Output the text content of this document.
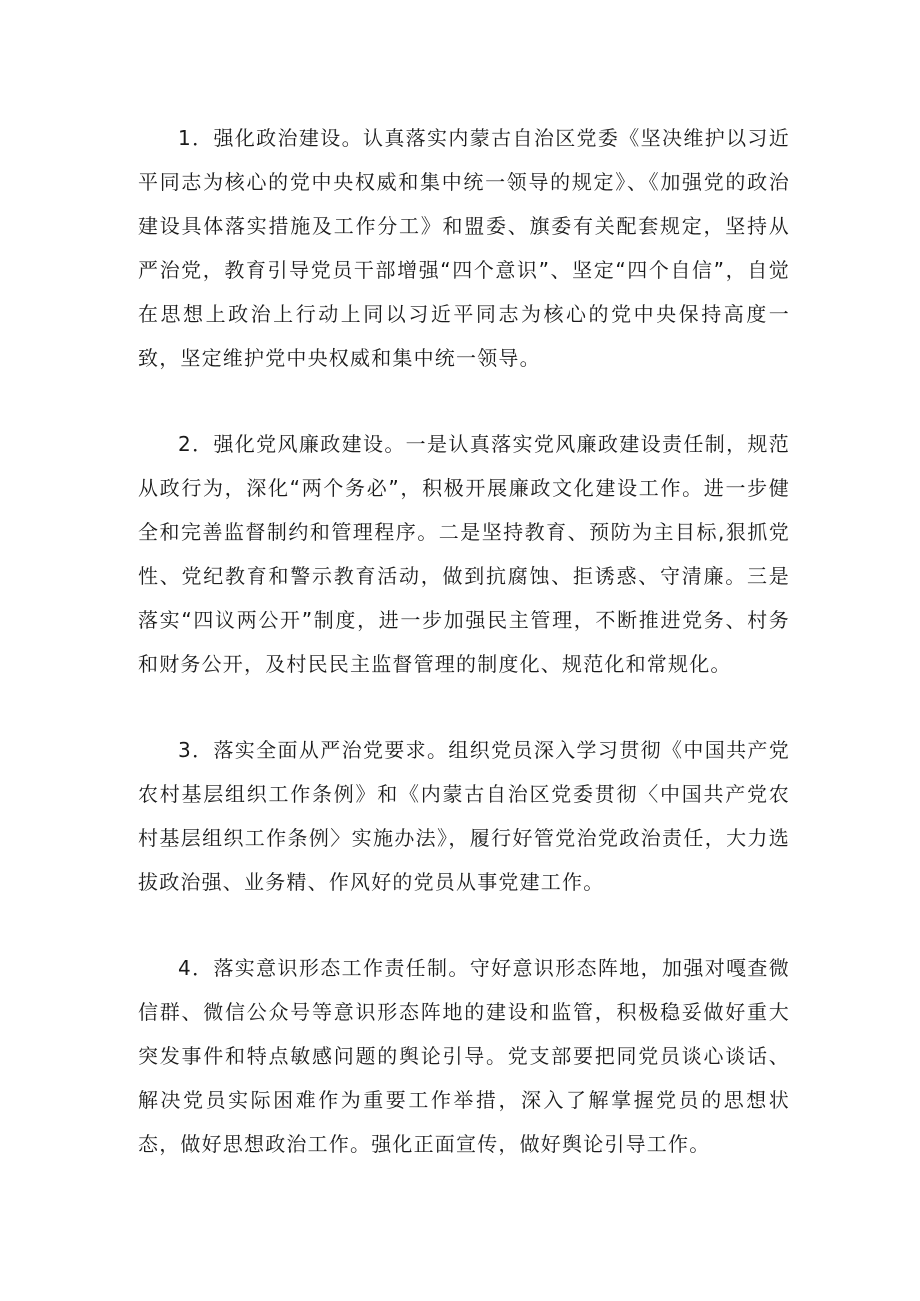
1．强化政治建设。认真落实内蒙古自治区党委《坚决维护以习近平同志为核心的党中央权威和集中统一领导的规定》、《加强党的政治建设具体落实措施及工作分工》和盟委、旗委有关配套规定，坚持从严治党，教育引导党员干部增强“四个意识”、坚定“四个自信”，自觉在思想上政治上行动上同以习近平同志为核心的党中央保持高度一致，坚定维护党中央权威和集中统一领导。

2．强化党风廉政建设。一是认真落实党风廉政建设责任制，规范从政行为，深化“两个务必”，积极开展廉政文化建设工作。进一步健全和完善监督制约和管理程序。二是坚持教育、预防为主目标,狠抓党性、党纪教育和警示教育活动，做到抗腐蚀、拒诱惑、守清廉。三是落实“四议两公开”制度，进一步加强民主管理，不断推进党务、村务和财务公开，及村民民主监督管理的制度化、规范化和常规化。

3．落实全面从严治党要求。组织党员深入学习贯彻《中国共产党农村基层组织工作条例》和《内蒙古自治区党委贯彻〈中国共产党农村基层组织工作条例〉实施办法》，履行好管党治党政治责任，大力选拔政治强、业务精、作风好的党员从事党建工作。

4．落实意识形态工作责任制。守好意识形态阵地，加强对嘎查微信群、微信公众号等意识形态阵地的建设和监管，积极稳妥做好重大突发事件和特点敏感问题的舆论引导。党支部要把同党员谈心谈话、解决党员实际困难作为重要工作举措，深入了解掌握党员的思想状态，做好思想政治工作。强化正面宣传，做好舆论引导工作。
